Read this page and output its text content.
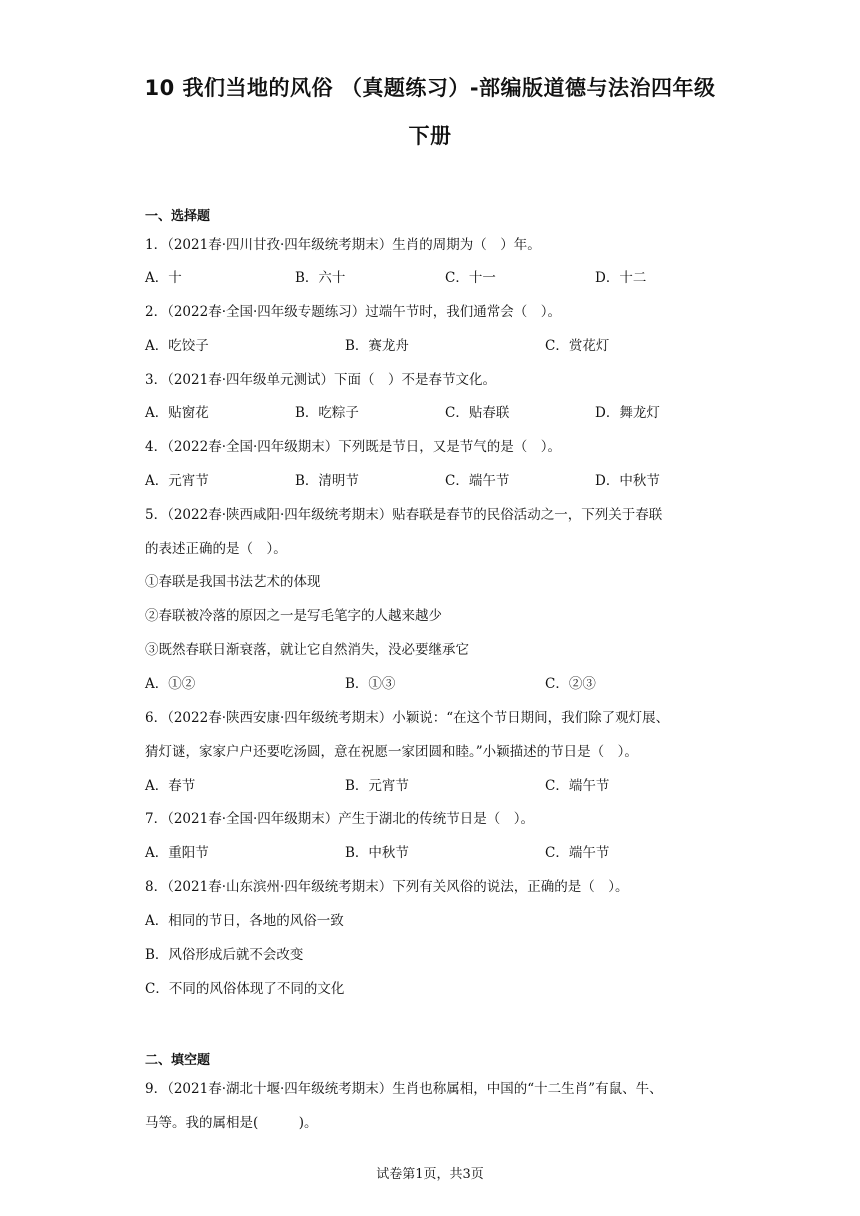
10 我们当地的风俗 （真题练习）-部编版道德与法治四年级
下册
一、选择题
1．（2021春·四川甘孜·四年级统考期末）生肖的周期为（　）年。
A．十	B．六十	C．十一	D．十二
2．（2022春·全国·四年级专题练习）过端午节时，我们通常会（　）。
A．吃饺子	B．赛龙舟	C．赏花灯
3．（2021春·四年级单元测试）下面（　）不是春节文化。
A．贴窗花	B．吃粽子	C．贴春联	D．舞龙灯
4．（2022春·全国·四年级期末）下列既是节日，又是节气的是（　）。
A．元宵节	B．清明节	C．端午节	D．中秋节
5．（2022春·陕西咸阳·四年级统考期末）贴春联是春节的民俗活动之一，下列关于春联
的表述正确的是（　）。
①春联是我国书法艺术的体现
②春联被冷落的原因之一是写毛笔字的人越来越少
③既然春联日渐衰落，就让它自然消失，没必要继承它
A．①②	B．①③	C．②③
6．（2022春·陕西安康·四年级统考期末）小颖说：“在这个节日期间，我们除了观灯展、
猜灯谜，家家户户还要吃汤圆，意在祝愿一家团圆和睦。”小颖描述的节日是（　）。
A．春节	B．元宵节	C．端午节
7．（2021春·全国·四年级期末）产生于湖北的传统节日是（　）。
A．重阳节	B．中秋节	C．端午节
8．（2021春·山东滨州·四年级统考期末）下列有关风俗的说法，正确的是（　）。
A．相同的节日，各地的风俗一致
B．风俗形成后就不会改变
C．不同的风俗体现了不同的文化
二、填空题
9．（2021春·湖北十堰·四年级统考期末）生肖也称属相，中国的“十二生肖”有鼠、牛、
马等。我的属相是(　　　)。
试卷第1页，共3页
